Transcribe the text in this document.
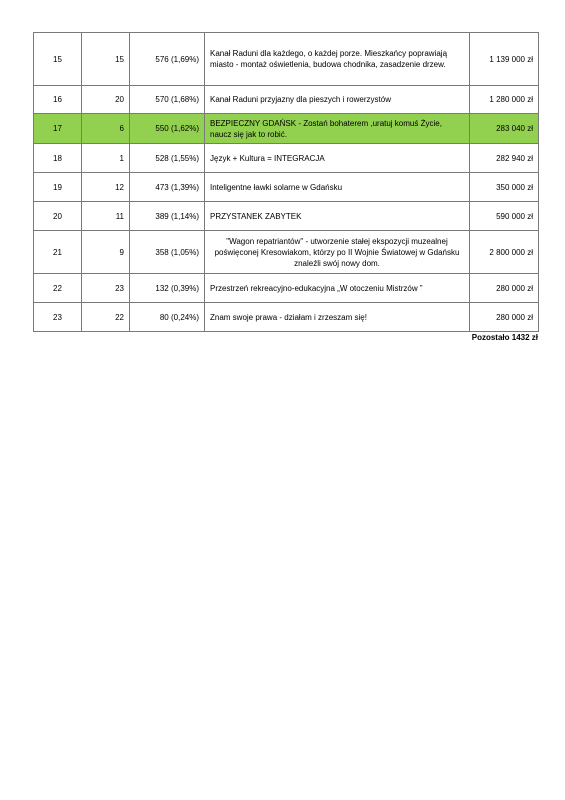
15	15	576 (1,69%)	Kanał Raduni dla każdego, o każdej porze. Mieszkańcy poprawiają miasto - montaż oświetlenia, budowa chodnika, zasadzenie drzew.	1 139 000 zł
16	20	570 (1,68%)	Kanał Raduni przyjazny dla pieszych i rowerzystów	1 280 000 zł
17	6	550 (1,62%)	BEZPIECZNY GDAŃSK - Zostań bohaterem ,uratuj komuś Życie, naucz się jak to robić.	283 040 zł
18	1	528 (1,55%)	Język + Kultura = INTEGRACJA	282 940 zł
19	12	473 (1,39%)	Inteligentne ławki solarne w Gdańsku	350 000 zł
20	11	389 (1,14%)	PRZYSTANEK ZABYTEK	590 000 zł
21	9	358 (1,05%)	"Wagon repatriantów" - utworzenie stałej ekspozycji muzealnej poświęconej Kresowiakom, którzy po II Wojnie Światowej w Gdańsku znaleźli swój nowy dom.	2 800 000 zł
22	23	132 (0,39%)	Przestrzeń rekreacyjno-edukacyjna „W otoczeniu Mistrzów ”	280 000 zł
23	22	80 (0,24%)	Znam swoje prawa - działam i zrzeszam się!	280 000 zł
Pozostało 1432 zł
